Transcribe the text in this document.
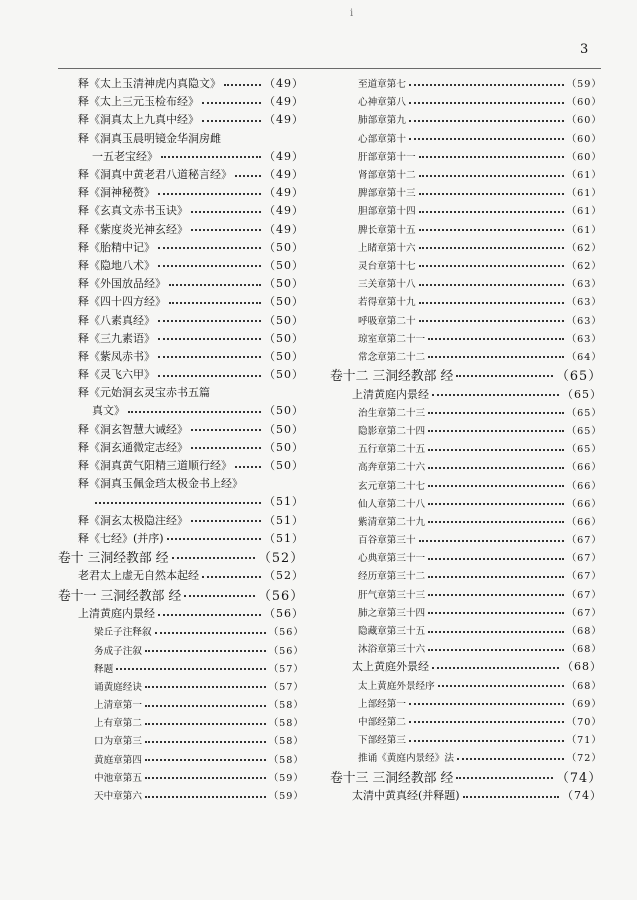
ⅰ
3
释《太上玉清神虎内真隐文》	（49）
释《太上三元玉检布经》	（49）
释《洞真太上九真中经》	（49）
释《洞真玉晨明镜金华洞房雌
一五老宝经》	（49）
释《洞真中黄老君八道秘言经》	（49）
释《洞神秘赘》	（49）
释《玄真文赤书玉诀》	（49）
释《紫度炎光神玄经》	（49）
释《胎精中记》	（50）
释《隐地八术》	（50）
释《外国放品经》	（50）
释《四十四方经》	（50）
释《八素真经》	（50）
释《三九素语》	（50）
释《紫凤赤书》	（50）
释《灵飞六甲》	（50）
释《元始洞玄灵宝赤书五篇
真文》	（50）
释《洞玄智慧大诫经》	（50）
释《洞玄通微定志经》	（50）
释《洞真黄气阳精三道顺行经》	（50）
释《洞真玉佩金珰太极金书上经》
（51）
释《洞玄太极隐注经》	（51）
释《七经》(并序)	（51）
卷十 三洞经教部 经	（52）
老君太上虚无自然本起经	（52）
卷十一 三洞经教部 经	（56）
上清黄庭内景经	（56）
梁丘子注释叙	（56）
务成子注叙	（56）
释题	（57）
诵黄庭经诀	（57）
上清章第一	（58）
上有章第二	（58）
口为章第三	（58）
黄庭章第四	（58）
中池章第五	（59）
天中章第六	（59）
至道章第七	（59）
心神章第八	（60）
肺部章第九	（60）
心部章第十	（60）
肝部章第十一	（60）
肾部章第十二	（61）
脾部章第十三	（61）
胆部章第十四	（61）
脾长章第十五	（61）
上睹章第十六	（62）
灵台章第十七	（62）
三关章第十八	（63）
若得章第十九	（63）
呼吸章第二十	（63）
琼室章第二十一	（63）
常念章第二十二	（64）
卷十二 三洞经教部 经	（65）
上清黄庭内景经	（65）
治生章第二十三	（65）
隐影章第二十四	（65）
五行章第二十五	（65）
高奔章第二十六	（66）
玄元章第二十七	（66）
仙人章第二十八	（66）
紫清章第二十九	（66）
百谷章第三十	（67）
心典章第三十一	（67）
经历章第三十二	（67）
肝气章第三十三	（67）
肺之章第三十四	（67）
隐藏章第三十五	（68）
沐浴章第三十六	（68）
太上黄庭外景经	（68）
太上黄庭外景经序	（68）
上部经第一	（69）
中部经第二	（70）
下部经第三	（71）
推诵《黄庭内景经》法	（72）
卷十三 三洞经教部 经	（74）
太清中黄真经(并释题)	（74）
